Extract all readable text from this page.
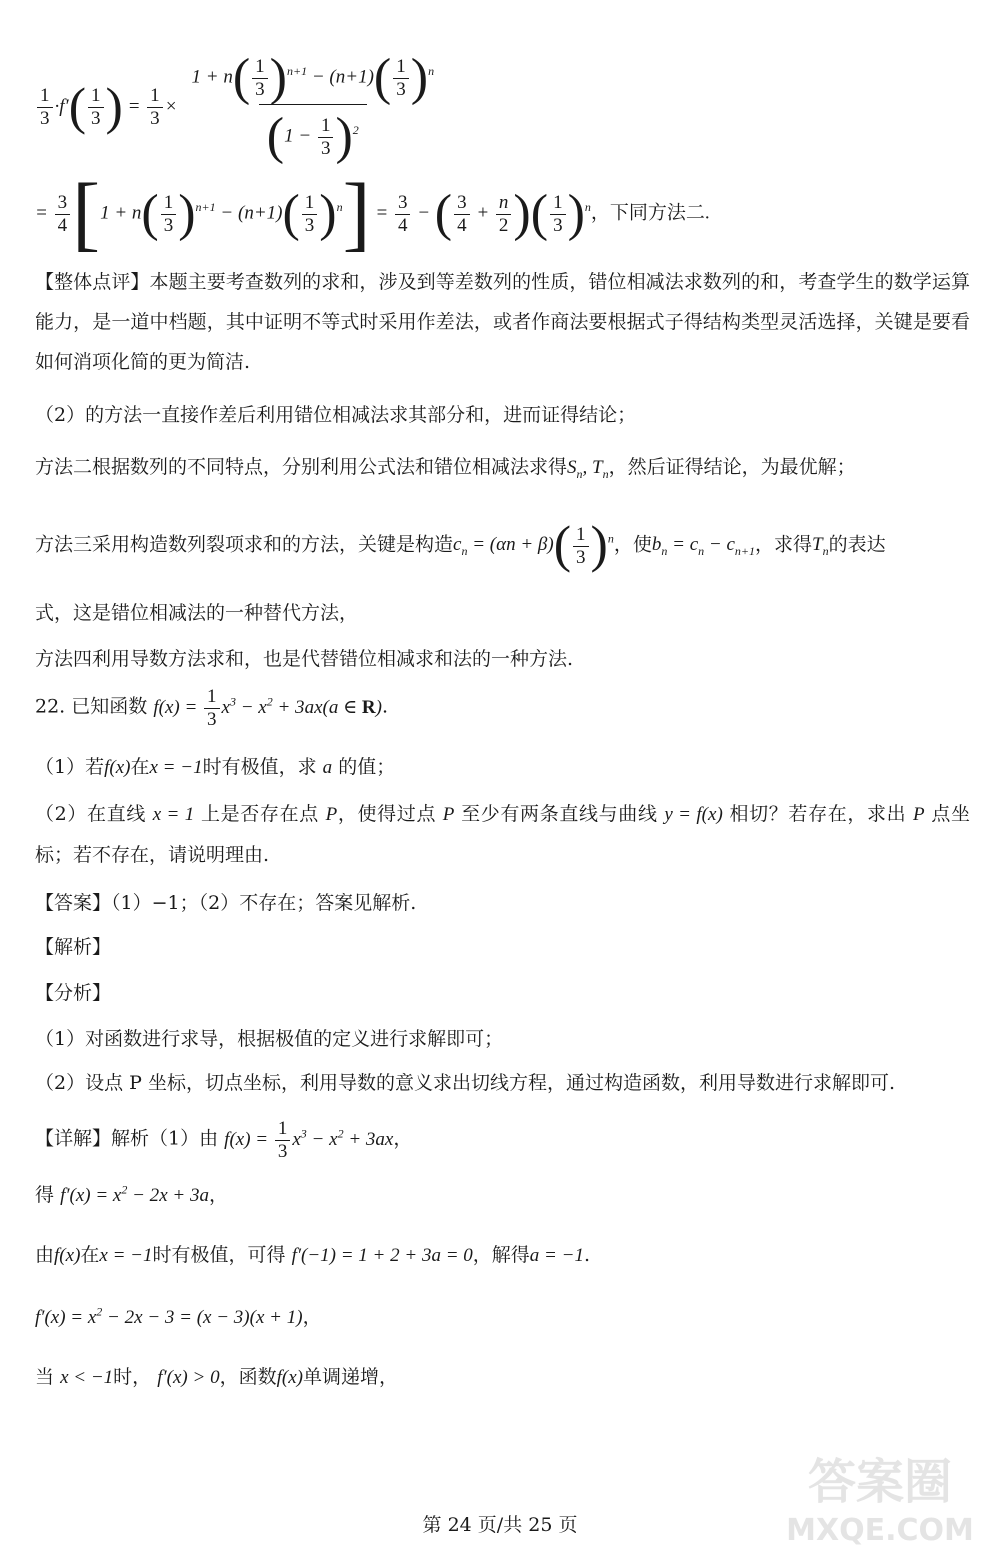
$\frac{1}{3} \cdot f'( \frac{1}{3}$ ) = $\frac{1}{3} \times \frac{1 + n( \frac{1}{3} )^{n+1} - (n+1)( \frac{1}{3} )^n}{(1 - \frac{1}{3} )^2}$
= $\frac{3}{4} [1 + n( \frac{1}{3} )^{n+1} - (n+1)( \frac{1}{3} )^n] = \frac{3}{4}$ − ( $\frac{3}{4} + \frac{n}{2}$ )( $\frac{1}{3} )^n$，下同方法二.
【整体点评】本题主要考查数列的求和，涉及到等差数列的性质，错位相减法求数列的和，考查学生的数学运算能力，是一道中档题，其中证明不等式时采用作差法，或者作商法要根据式子得结构类型灵活选择，关键是要看如何消项化简的更为简洁.
（2）的方法一直接作差后利用错位相减法求其部分和，进而证得结论；
方法二根据数列的不同特点，分别利用公式法和错位相减法求得$S_n$, $T_n$，然后证得结论，为最优解；
方法三采用构造数列裂项求和的方法，关键是构造$c_n = (\alpha n + \beta)( \frac{1}{3} )^n$，使$b_n = c_n - c_{n+1}$，求得$T_n$的表达
式，这是错位相减法的一种替代方法，
方法四利用导数方法求和，也是代替错位相减求和法的一种方法.
22. 已知函数 $f(x) = \frac{1}{3} x^3 - x^2 + 3ax(a$ ∈ R).
（1）若f(x)在x = −1时有极值，求 a 的值；
（2）在直线 x = 1 上是否存在点 P，使得过点 P 至少有两条直线与曲线 y = f(x) 相切？若存在，求出 P 点坐标；若不存在，请说明理由.
【答案】（1）−1；（2）不存在；答案见解析.
【解析】
【分析】
（1）对函数进行求导，根据极值的定义进行求解即可；
（2）设点 P 坐标，切点坐标，利用导数的意义求出切线方程，通过构造函数，利用导数进行求解即可.
【详解】解析（1）由 $f(x) = \frac{1}{3} x^3 - x^2 + 3ax$，
得 $f'(x) = x^2 - 2x + 3a$，
由f(x)在x = −1时有极值，可得 f′(−1) = 1 + 2 + 3a = 0，解得a = −1.
$f'(x) = x^2 - 2x - 3 = (x - 3)(x + 1)$，
当 x < −1时， f′(x) > 0，函数f(x)单调递增，
第 24 页/共 25 页
答案圈
MXQE.COM
